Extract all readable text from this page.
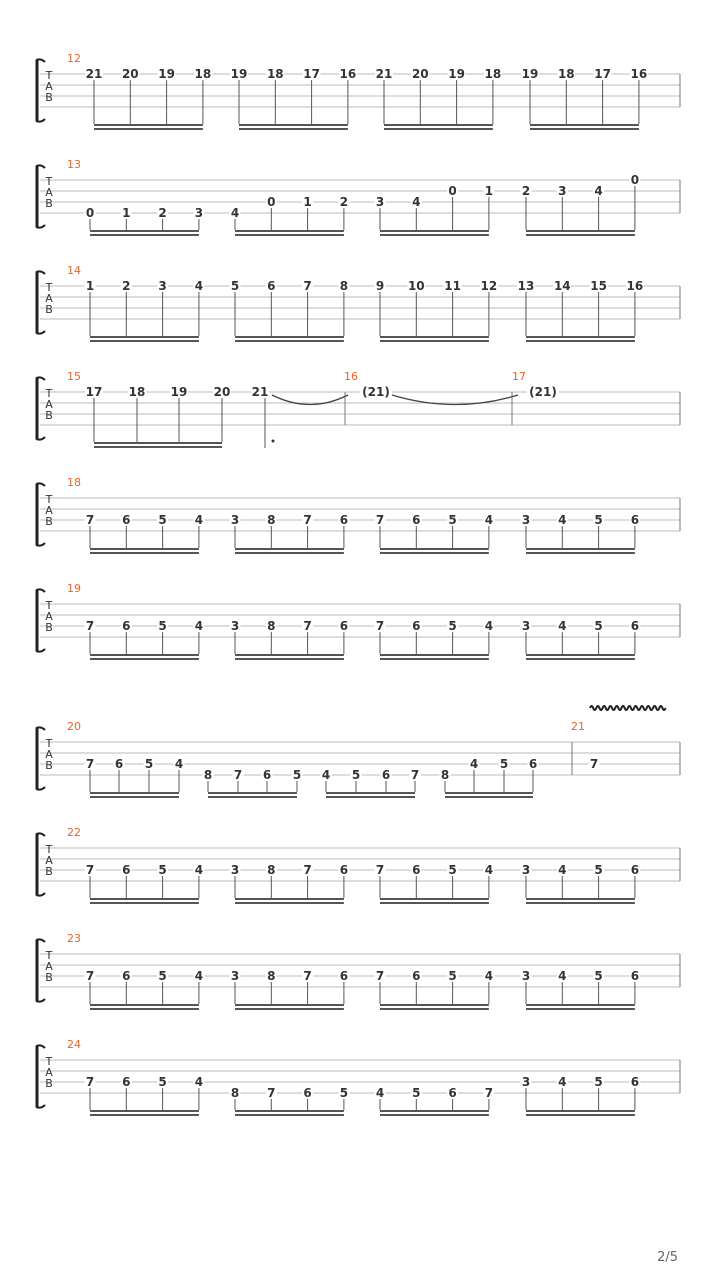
T
A
B
12
21 20 19 18 19 18 17 16 21 20 19 18 19 18 17 16
T
A
B
13
0 1 2 3 4
0 1 2 3 4
0 1 2 3 4
0
T
A
B
14
1 2 3 4 5 6 7 8 9 10 11 12 13 14 15 16
T
A
B
15
17 18 19 20 21
16
(21)
17
(21)
T
A
B
18
7 6 5 4 3 8 7 6 7 6 5 4 3 4 5 6
T
A
B
19
7 6 5 4 3 8 7 6 7 6 5 4 3 4 5 6
T
A
B
20
7 6 5 4
8 7 6 5 4 5 6 7 8
4 5 6
21
7
T
A
B
22
7 6 5 4 3 8 7 6 7 6 5 4 3 4 5 6
T
A
B
23
7 6 5 4 3 8 7 6 7 6 5 4 3 4 5 6
T
A
B
24
7 6 5 4
8 7 6 5 4 5 6 7
3 4 5 6
2/5
